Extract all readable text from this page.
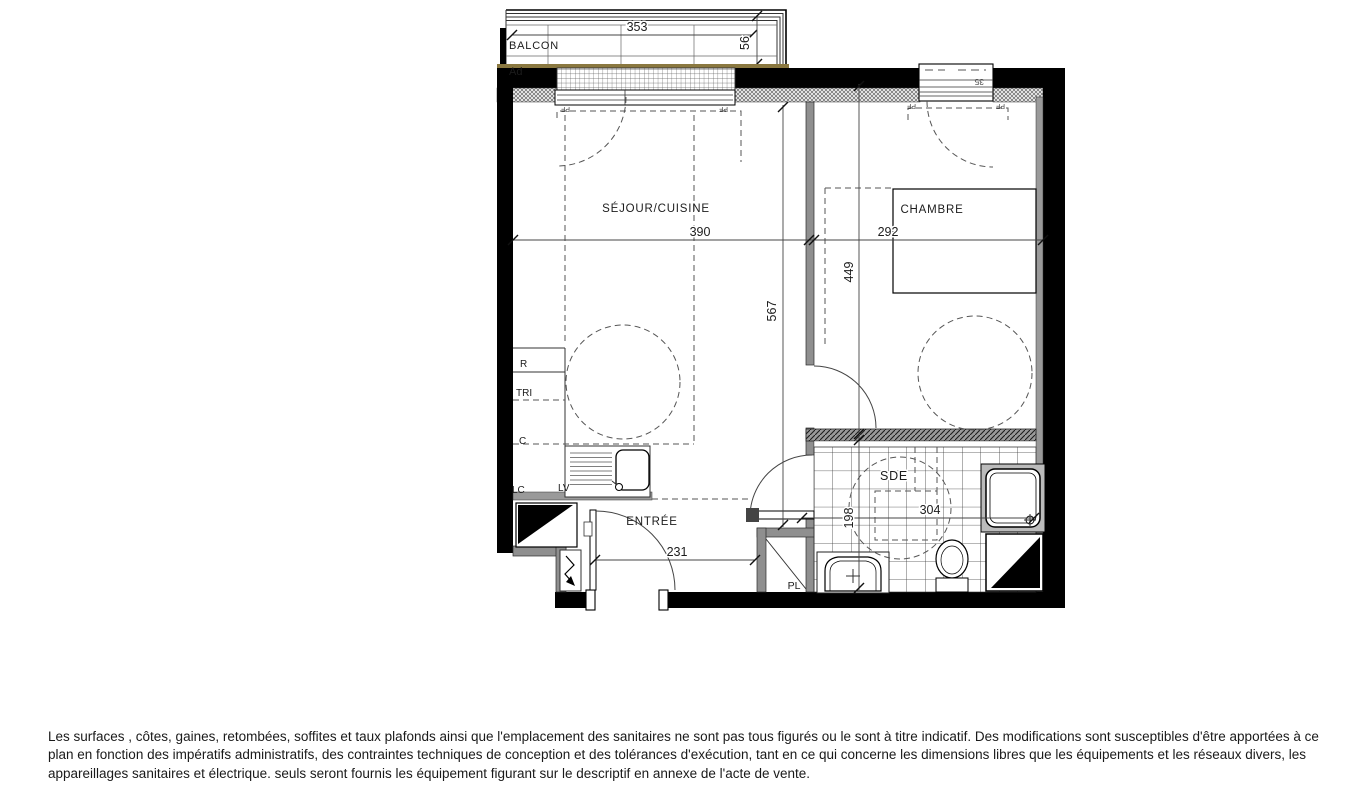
BALCON
Ad
353
56
SÉJOUR/CUISINE
390
CHAMBRE
292
567
449
ENTRÉE
231
SDE
198	304
PL
R
TRI
C
LC	LV
PF	PF	PF	PF
35
Les surfaces , côtes, gaines, retombées, soffites et taux plafonds ainsi que l'emplacement des sanitaires ne sont pas tous figurés ou le sont à titre indicatif. Des modifications sont susceptibles d'être apportées à ce plan en fonction des impératifs administratifs, des contraintes techniques de conception et des tolérances d'exécution, tant en ce qui concerne les dimensions libres que les équipements et les réseaux divers, les appareillages sanitaires et électrique. seuls seront fournis les équipement figurant sur le descriptif en annexe de l'acte de vente.
